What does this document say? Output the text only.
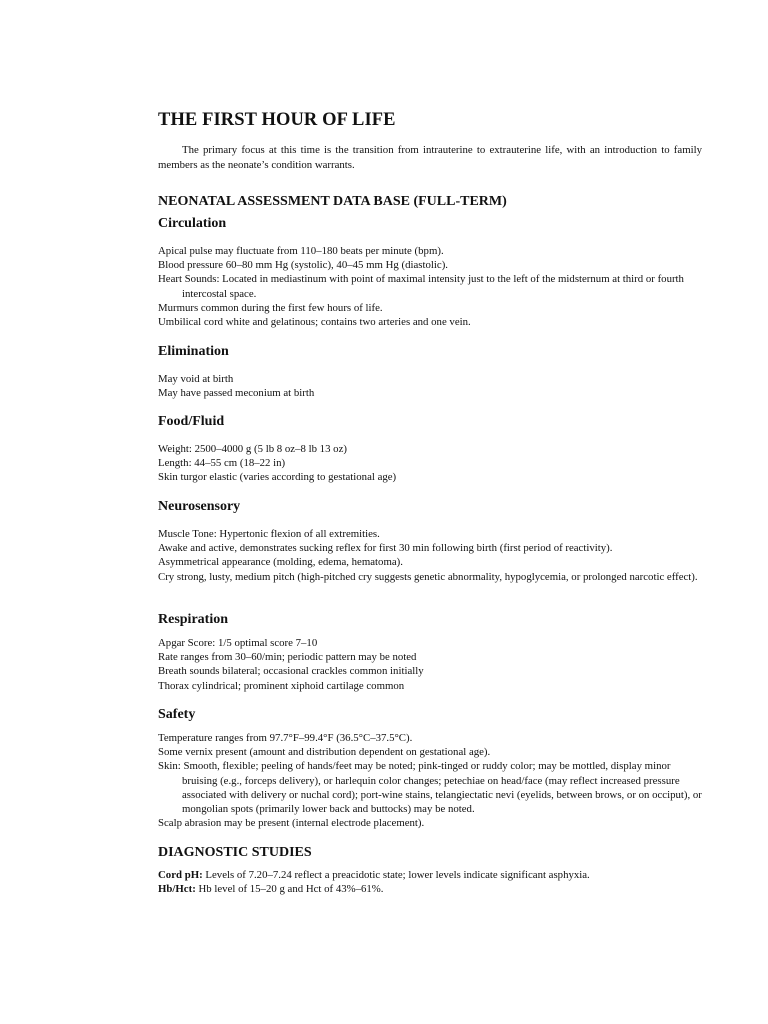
THE FIRST HOUR OF LIFE

The primary focus at this time is the transition from intrauterine to extrauterine life, with an introduction to family members as the neonate’s condition warrants.

NEONATAL ASSESSMENT DATA BASE (FULL-TERM)
Circulation
Apical pulse may fluctuate from 110–180 beats per minute (bpm).
Blood pressure 60–80 mm Hg (systolic), 40–45 mm Hg (diastolic).
Heart Sounds: Located in mediastinum with point of maximal intensity just to the left of the midsternum at third or fourth intercostal space.
Murmurs common during the first few hours of life.
Umbilical cord white and gelatinous; contains two arteries and one vein.
Elimination
May void at birth
May have passed meconium at birth
Food/Fluid
Weight: 2500–4000 g (5 lb 8 oz–8 lb 13 oz)
Length: 44–55 cm (18–22 in)
Skin turgor elastic (varies according to gestational age)
Neurosensory
Muscle Tone: Hypertonic flexion of all extremities.
Awake and active, demonstrates sucking reflex for first 30 min following birth (first period of reactivity).
Asymmetrical appearance (molding, edema, hematoma).
Cry strong, lusty, medium pitch (high-pitched cry suggests genetic abnormality, hypoglycemia, or prolonged narcotic effect).
Respiration
Apgar Score: 1/5 optimal score 7–10
Rate ranges from 30–60/min; periodic pattern may be noted
Breath sounds bilateral; occasional crackles common initially
Thorax cylindrical; prominent xiphoid cartilage common
Safety
Temperature ranges from 97.7°F–99.4°F (36.5°C–37.5°C).
Some vernix present (amount and distribution dependent on gestational age).
Skin: Smooth, flexible; peeling of hands/feet may be noted; pink-tinged or ruddy color; may be mottled, display minor bruising (e.g., forceps delivery), or harlequin color changes; petechiae on head/face (may reflect increased pressure associated with delivery or nuchal cord); port-wine stains, telangiectatic nevi (eyelids, between brows, or on occiput), or mongolian spots (primarily lower back and buttocks) may be noted.
Scalp abrasion may be present (internal electrode placement).
DIAGNOSTIC STUDIES
Cord pH: Levels of 7.20–7.24 reflect a preacidotic state; lower levels indicate significant asphyxia.
Hb/Hct: Hb level of 15–20 g and Hct of 43%–61%.
